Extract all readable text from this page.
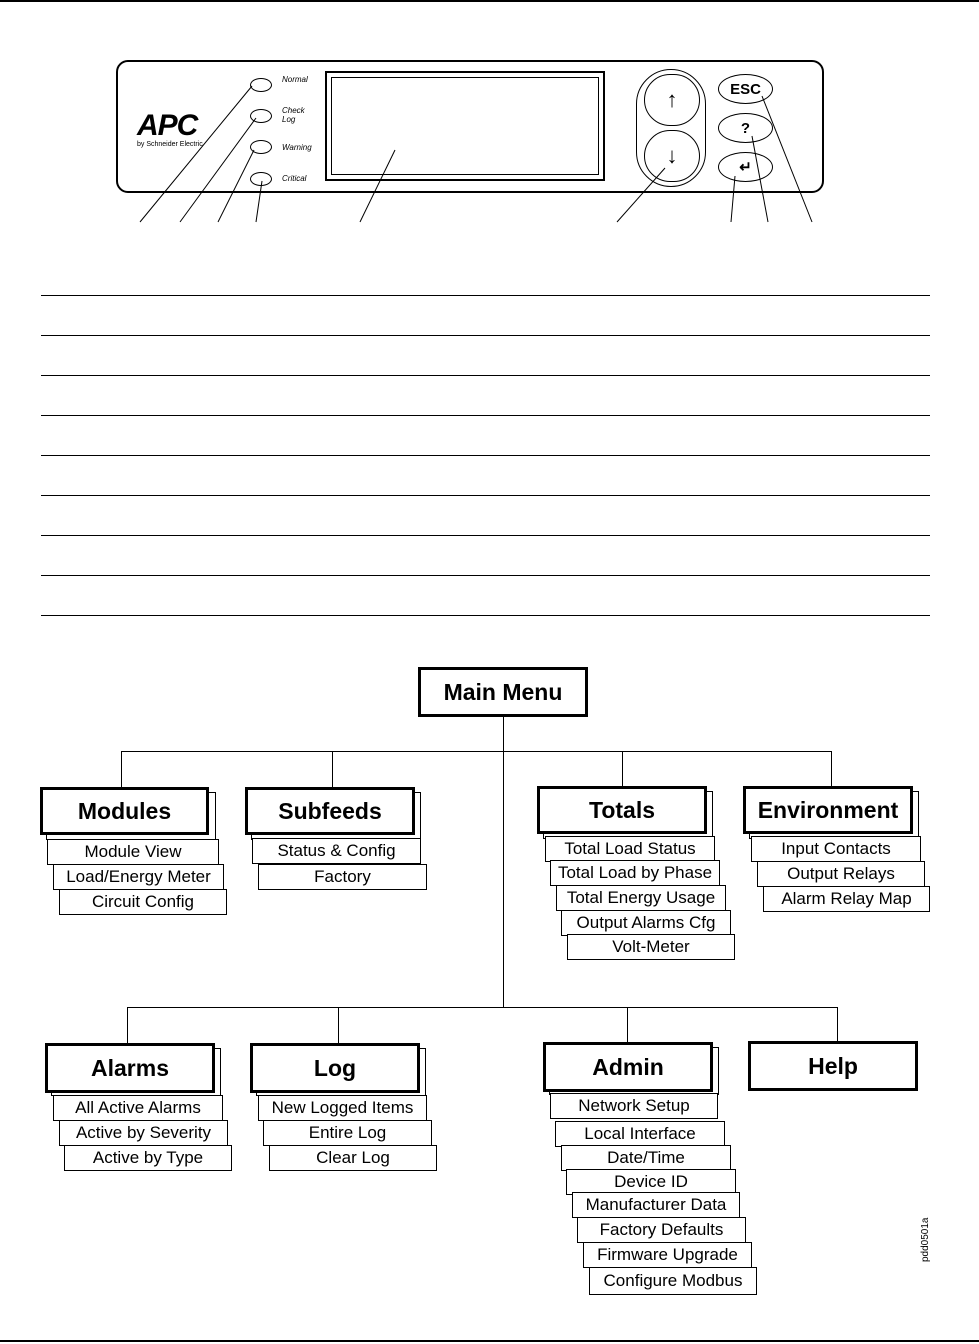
APC
by Schneider Electric
Normal
Check Log
Warning
Critical
↑
↓
ESC
?
↵
Main Menu
Modules
Module View
Load/Energy Meter
Circuit Config
Subfeeds
Status & Config
Factory
Totals
Total Load Status
Total Load by Phase
Total Energy Usage
Output Alarms Cfg
Volt-Meter
Environment
Input Contacts
Output Relays
Alarm Relay Map
Alarms
All Active Alarms
Active by Severity
Active by Type
Log
New Logged Items
Entire Log
Clear Log
Admin
Network Setup
Local Interface
Date/Time
Device ID
Manufacturer Data
Factory Defaults
Firmware Upgrade
Configure Modbus
Help
pdd0501a
